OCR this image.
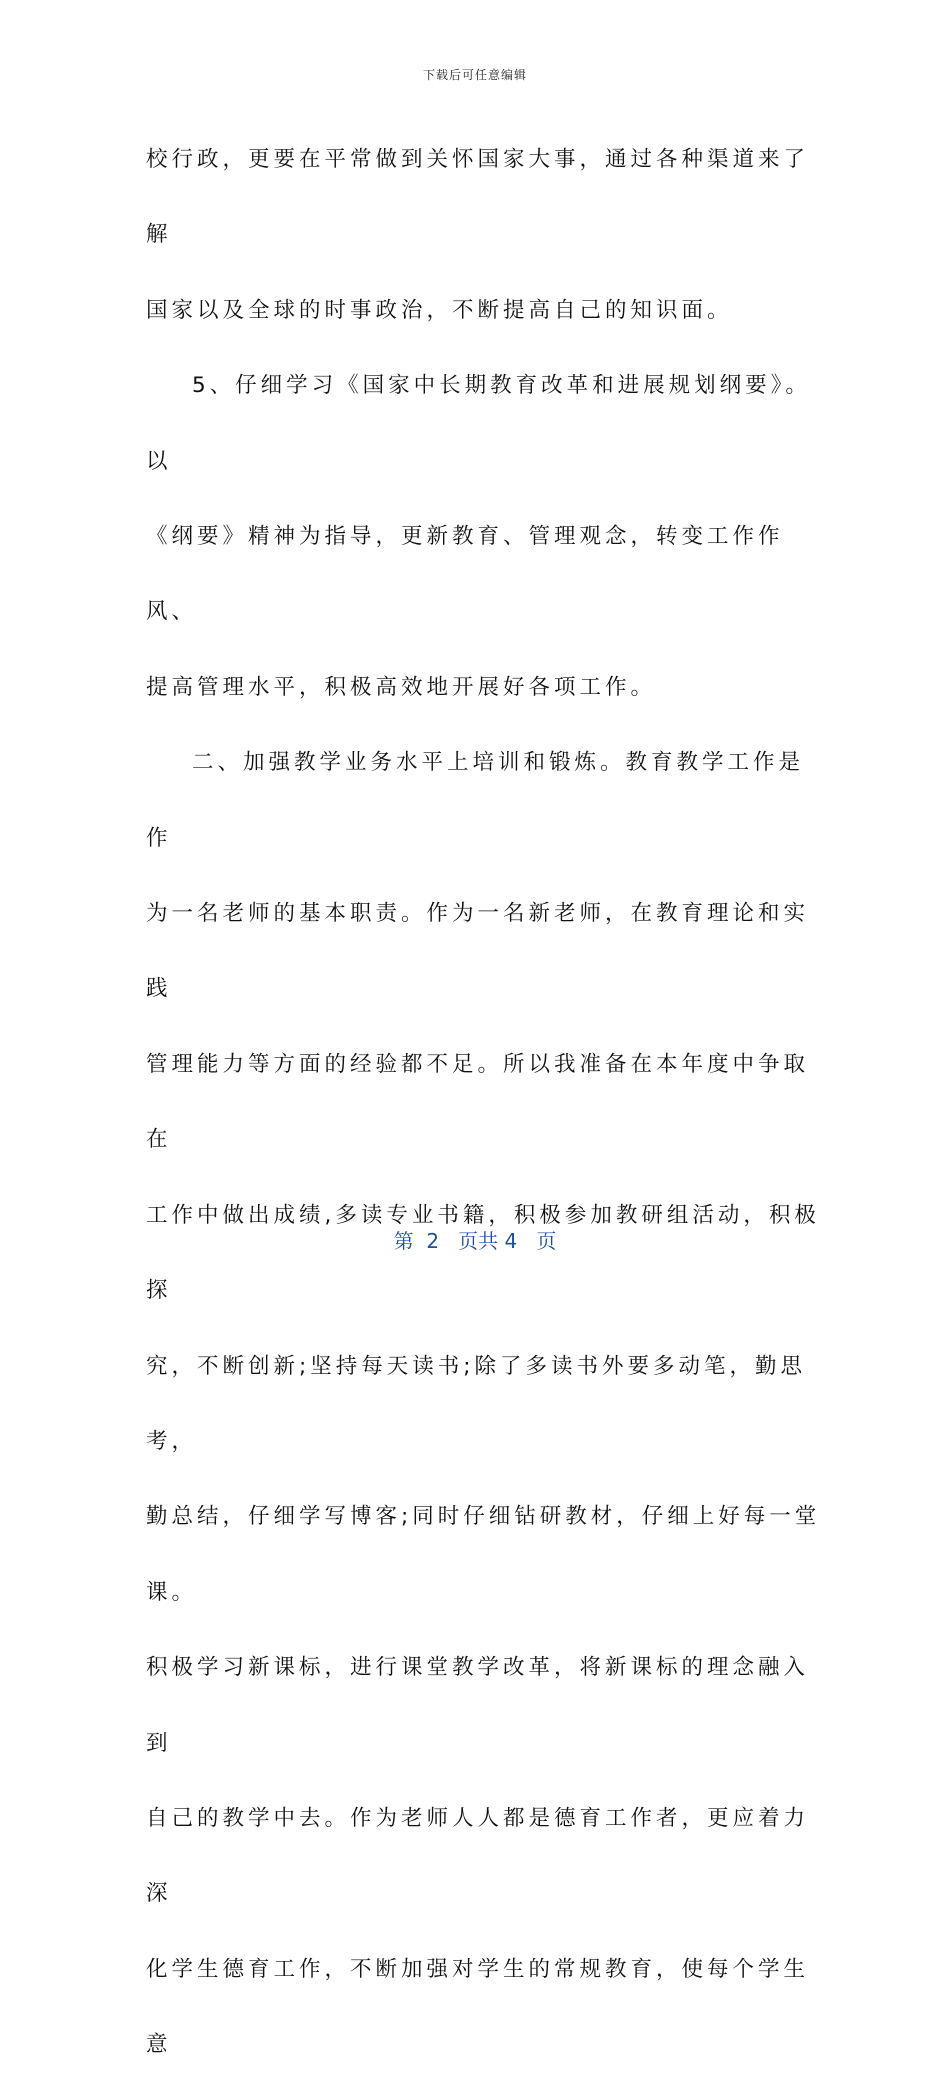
下载后可任意编辑

校行政，更要在平常做到关怀国家大事，通过各种渠道来了解

国家以及全球的时事政治，不断提高自己的知识面。

5、仔细学习《国家中长期教育改革和进展规划纲要》。以

《纲要》精神为指导，更新教育、管理观念，转变工作作风、

提高管理水平，积极高效地开展好各项工作。

二、加强教学业务水平上培训和锻炼。教育教学工作是作

为一名老师的基本职责。作为一名新老师，在教育理论和实践

管理能力等方面的经验都不足。所以我准备在本年度中争取在

工作中做出成绩,多读专业书籍，积极参加教研组活动，积极探

究，不断创新;坚持每天读书;除了多读书外要多动笔，勤思考，

勤总结，仔细学写博客;同时仔细钻研教材，仔细上好每一堂课。

积极学习新课标，进行课堂教学改革，将新课标的理念融入到

自己的教学中去。作为老师人人都是德育工作者，更应着力深

化学生德育工作，不断加强对学生的常规教育，使每个学生意

第  2   页共 4   页
